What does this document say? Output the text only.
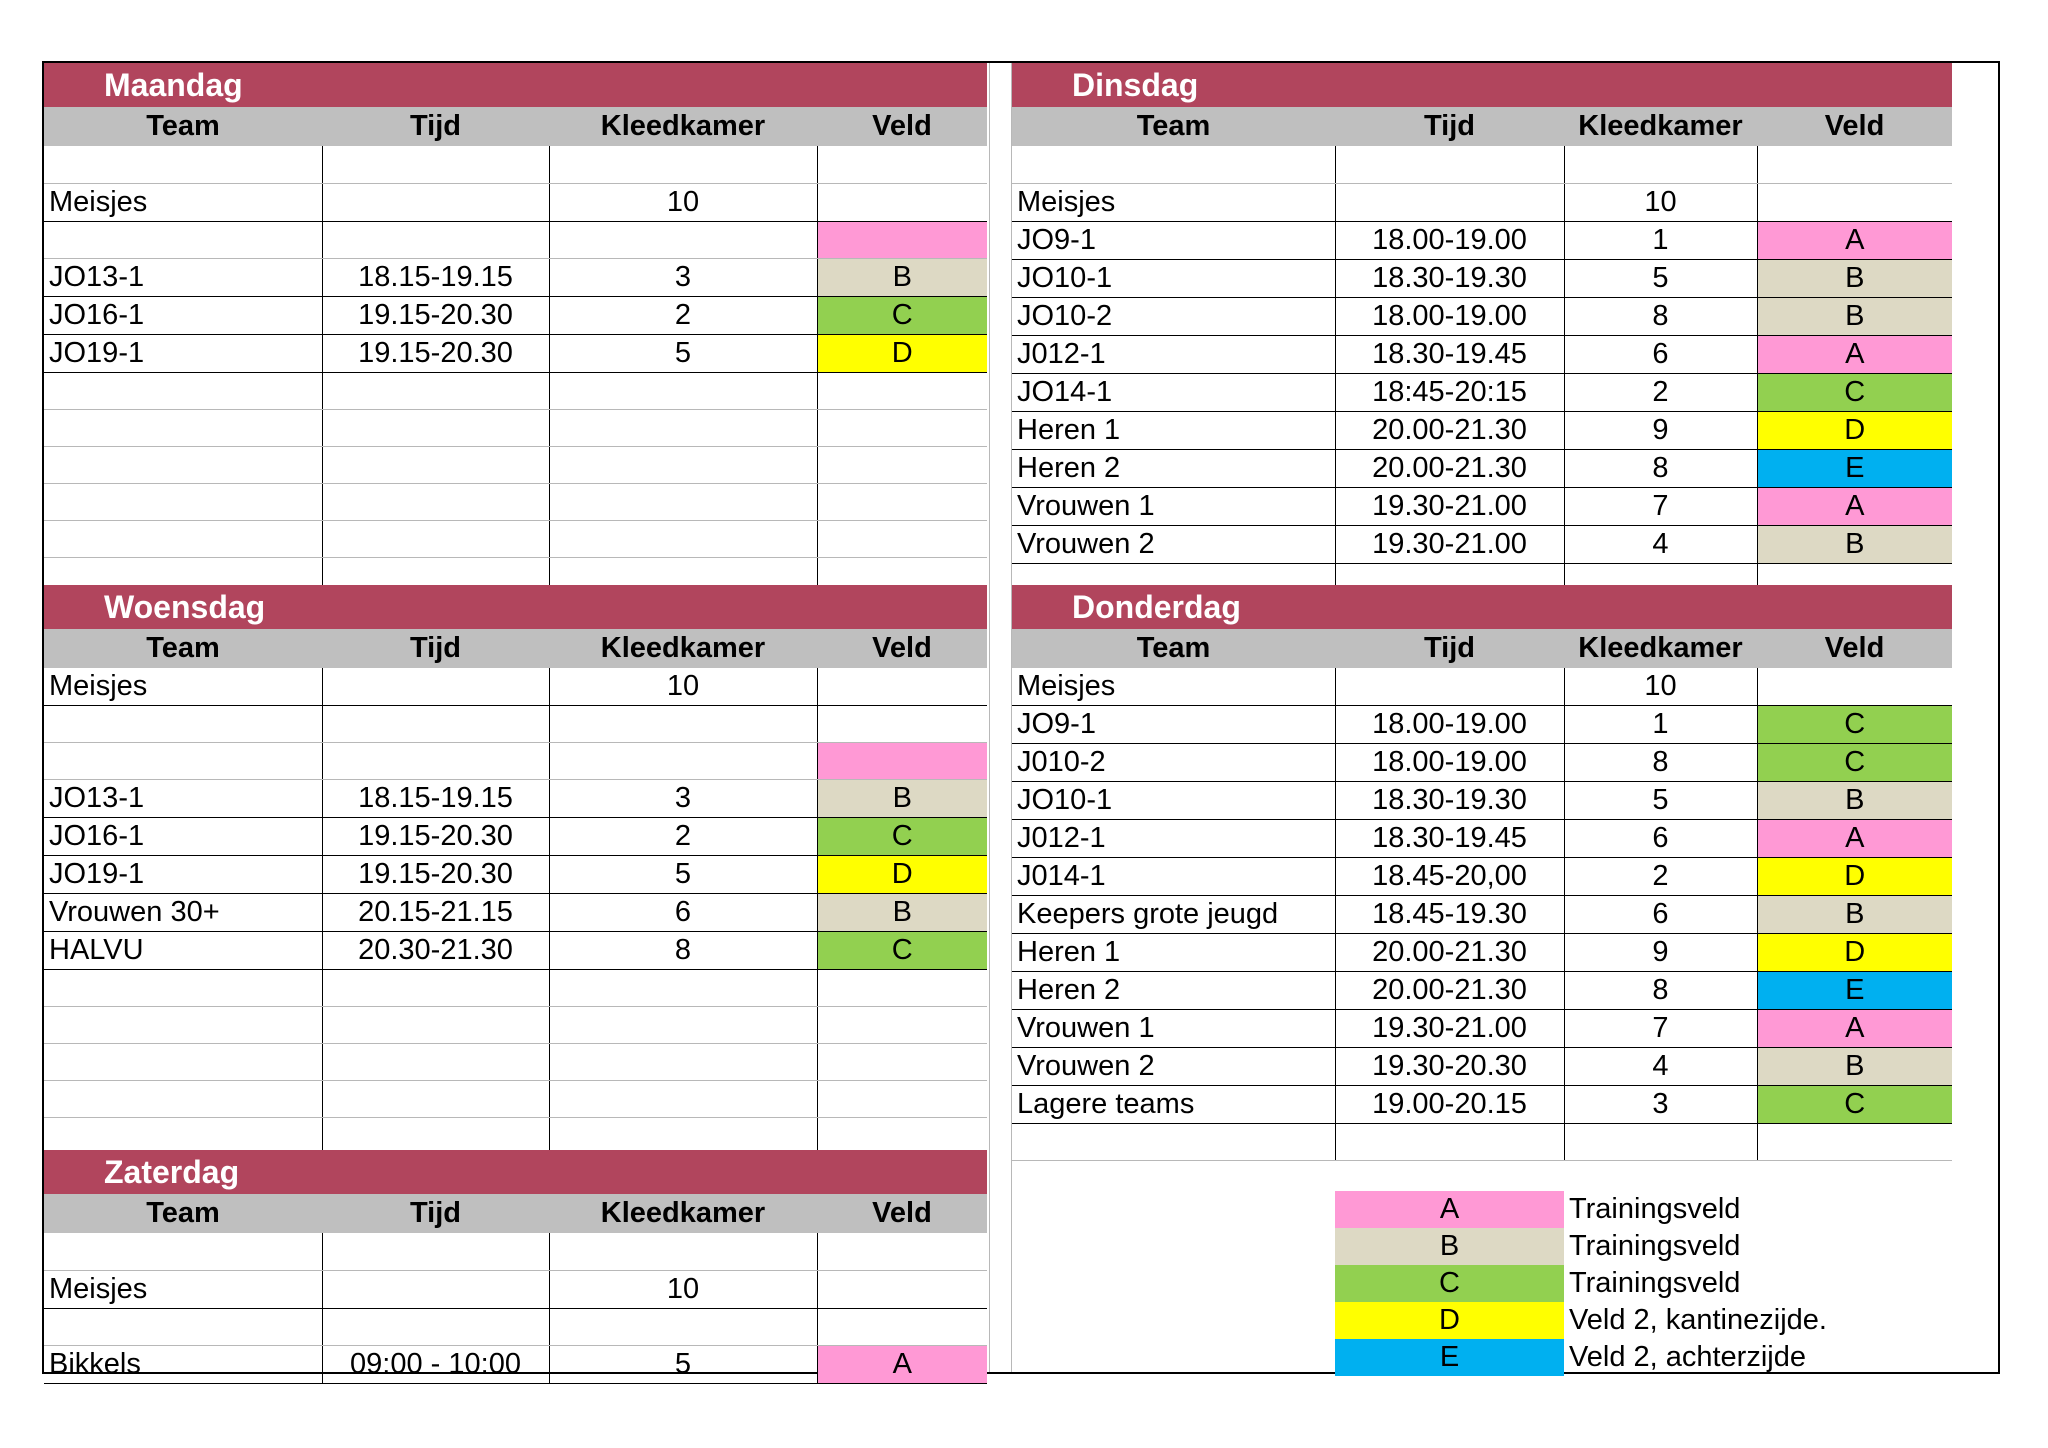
Maandag			
Team	Tijd	Kleedkamer	Veld

Meisjes		10	

JO13-1	18.15-19.15	3	B
JO16-1	19.15-20.30	2	C
JO19-1	19.15-20.30	5	D

Dinsdag			
Team	Tijd	Kleedkamer	Veld

Meisjes		10	
JO9-1	18.00-19.00	1	A
JO10-1	18.30-19.30	5	B
JO10-2	18.00-19.00	8	B
J012-1	18.30-19.45	6	A
JO14-1	18:45-20:15	2	C
Heren 1	20.00-21.30	9	D
Heren 2	20.00-21.30	8	E
Vrouwen 1	19.30-21.00	7	A
Vrouwen 2	19.30-21.00	4	B

Woensdag			
Team	Tijd	Kleedkamer	Veld
Meisjes		10	

JO13-1	18.15-19.15	3	B
JO16-1	19.15-20.30	2	C
JO19-1	19.15-20.30	5	D
Vrouwen 30+	20.15-21.15	6	B
HALVU	20.30-21.30	8	C

Donderdag			
Team	Tijd	Kleedkamer	Veld
Meisjes		10	
JO9-1	18.00-19.00	1	C
J010-2	18.00-19.00	8	C
JO10-1	18.30-19.30	5	B
J012-1	18.30-19.45	6	A
J014-1	18.45-20,00	2	D
Keepers grote jeugd	18.45-19.30	6	B
Heren 1	20.00-21.30	9	D
Heren 2	20.00-21.30	8	E
Vrouwen 1	19.30-21.00	7	A
Vrouwen 2	19.30-20.30	4	B
Lagere teams	19.00-20.15	3	C

Zaterdag			
Team	Tijd	Kleedkamer	Veld

Meisjes		10	

Bikkels	09:00 - 10:00	5	A
A	Trainingsveld
B	Trainingsveld
C	Trainingsveld
D	Veld 2, kantinezijde.
E	Veld 2, achterzijde
